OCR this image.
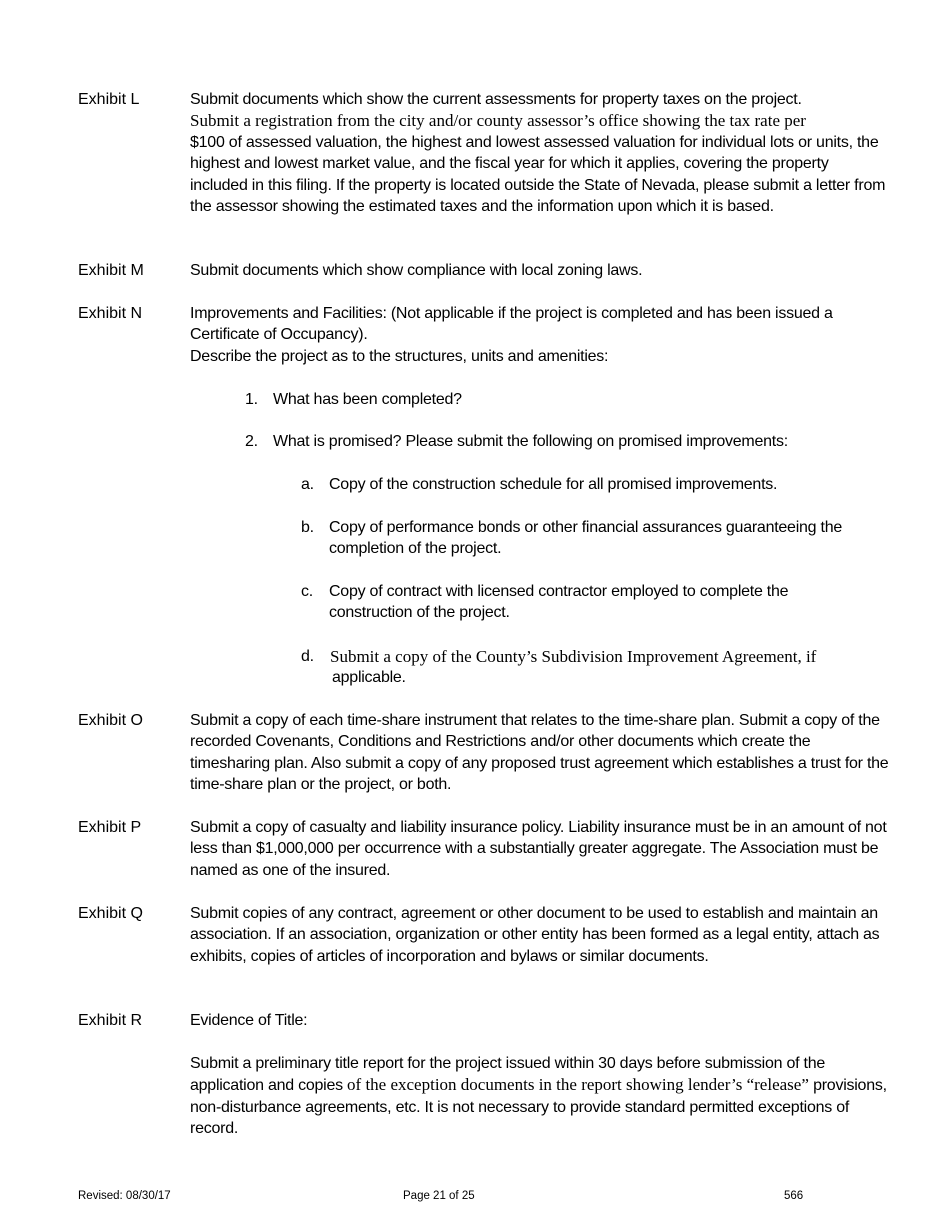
Exhibit L	Submit documents which show the current assessments for property taxes on the project.
Submit a registration from the city and/or county assessor’s office showing the tax rate per
$100 of assessed valuation, the highest and lowest assessed valuation for individual lots or units, the highest and lowest market value, and the fiscal year for which it applies, covering the property included in this filing. If the property is located outside the State of Nevada, please submit a letter from the assessor showing the estimated taxes and the information upon which it is based.
Exhibit M	Submit documents which show compliance with local zoning laws.
Exhibit N	Improvements and Facilities: (Not applicable if the project is completed and has been issued a Certificate of Occupancy).
Describe the project as to the structures, units and amenities:
1. What has been completed?
2. What is promised? Please submit the following on promised improvements:
a. Copy of the construction schedule for all promised improvements.
b. Copy of performance bonds or other financial assurances guaranteeing the completion of the project.
c. Copy of contract with licensed contractor employed to complete the construction of the project.
d. Submit a copy of the County’s Subdivision Improvement Agreement, if
applicable.
Exhibit O	Submit a copy of each time-share instrument that relates to the time-share plan. Submit a copy of the recorded Covenants, Conditions and Restrictions and/or other documents which create the timesharing plan. Also submit a copy of any proposed trust agreement which establishes a trust for the time-share plan or the project, or both.
Exhibit P	Submit a copy of casualty and liability insurance policy. Liability insurance must be in an amount of not less than $1,000,000 per occurrence with a substantially greater aggregate. The Association must be named as one of the insured.
Exhibit Q	Submit copies of any contract, agreement or other document to be used to establish and maintain an association. If an association, organization or other entity has been formed as a legal entity, attach as exhibits, copies of articles of incorporation and bylaws or similar documents.
Exhibit R	Evidence of Title:
Submit a preliminary title report for the project issued within 30 days before submission of the application and copies of the exception documents in the report showing lender’s “release” provisions, non-disturbance agreements, etc. It is not necessary to provide standard permitted exceptions of record.
Revised: 08/30/17	Page 21 of 25	566
